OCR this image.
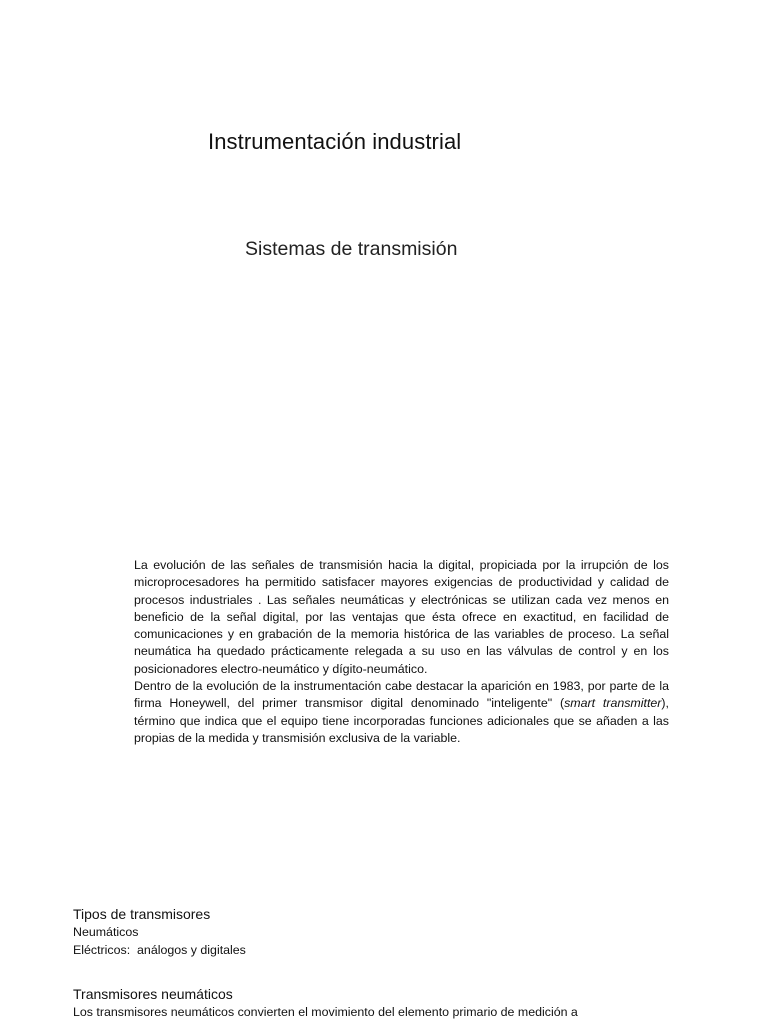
Instrumentación industrial
Sistemas de transmisión

La evolución de las señales de transmisión hacia la digital, propiciada por la irrupción de los microprocesadores ha permitido satisfacer mayores exigencias de productividad y calidad de procesos industriales . Las señales neumáticas y electrónicas se utilizan cada vez menos en beneficio de la señal digital, por las ventajas que ésta ofrece en exactitud, en facilidad de comunicaciones y en grabación de la memoria histórica de las variables de proceso. La señal neumática ha quedado prácticamente relegada a su uso en las válvulas de control y en los posicionadores electro-neumático y dígito-neumático.

Dentro de la evolución de la instrumentación cabe destacar la aparición en 1983, por parte de la firma Honeywell, del primer transmisor digital denominado "inteligente" (smart transmitter), término que indica que el equipo tiene incorporadas funciones adicionales que se añaden a las propias de la medida y transmisión exclusiva de la variable.

Tipos de transmisores

Neumáticos

Eléctricos:  análogos y digitales

Transmisores neumáticos

Los transmisores neumáticos convierten el movimiento del elemento primario de medición a
